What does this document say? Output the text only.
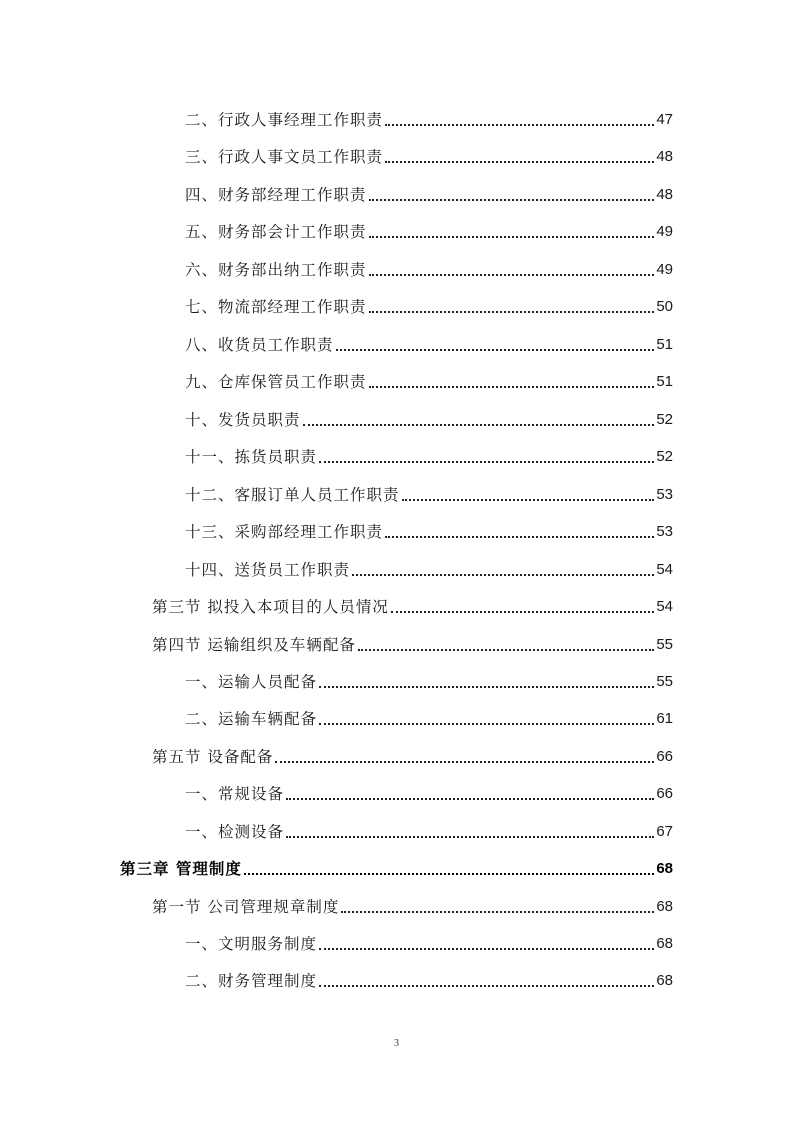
二、行政人事经理工作职责	47
三、行政人事文员工作职责	48
四、财务部经理工作职责	48
五、财务部会计工作职责	49
六、财务部出纳工作职责	49
七、物流部经理工作职责	50
八、收货员工作职责	51
九、仓库保管员工作职责	51
十、发货员职责	52
十一、拣货员职责	52
十二、客服订单人员工作职责	53
十三、采购部经理工作职责	53
十四、送货员工作职责	54
第三节 拟投入本项目的人员情况	54
第四节 运输组织及车辆配备	55
一、运输人员配备	55
二、运输车辆配备	61
第五节 设备配备	66
一、常规设备	66
一、检测设备	67
第三章 管理制度	68
第一节 公司管理规章制度	68
一、文明服务制度	68
二、财务管理制度	68
3
